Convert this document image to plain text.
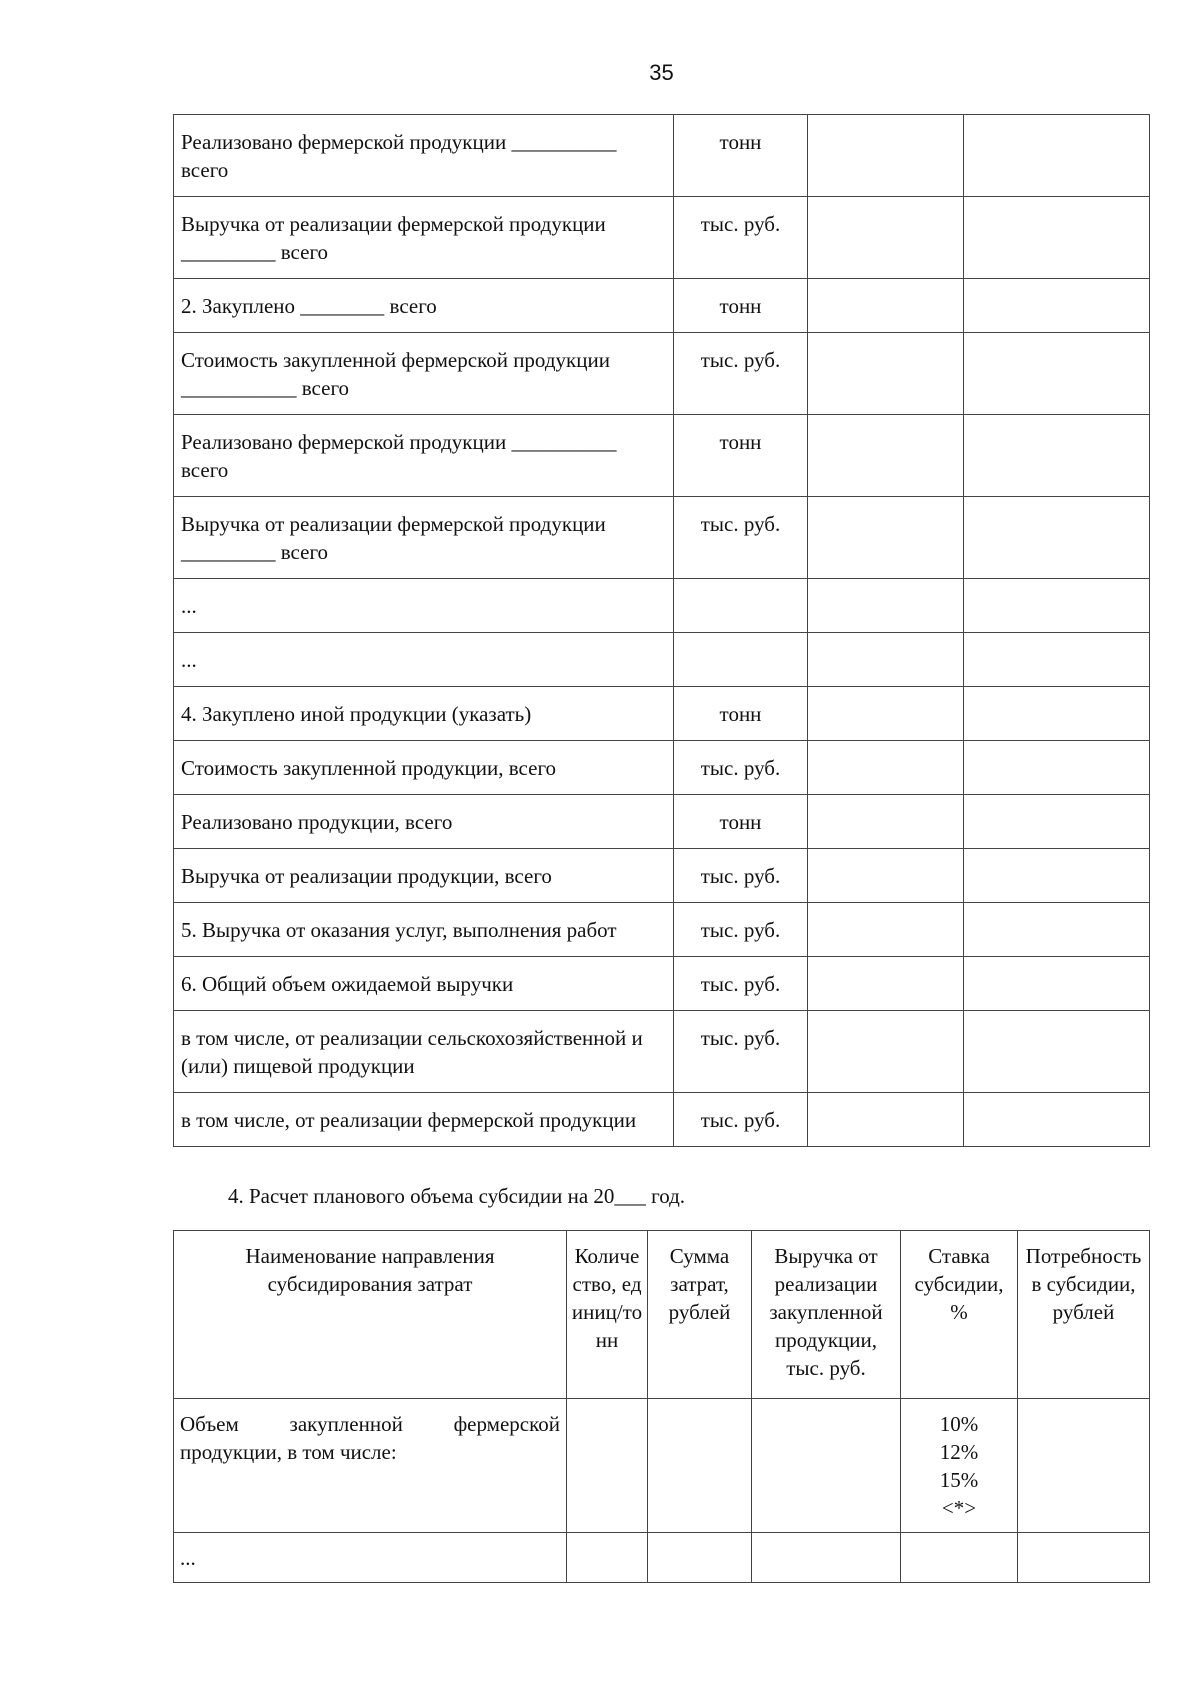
35
Реализовано фермерской продукции __________ всего	тонн		
Выручка от реализации фермерской продукции _________ всего	тыс. руб.		
2. Закуплено ________ всего	тонн		
Стоимость закупленной фермерской продукции ___________ всего	тыс. руб.		
Реализовано фермерской продукции __________ всего	тонн		
Выручка от реализации фермерской продукции _________ всего	тыс. руб.		
...			
...			
4. Закуплено иной продукции (указать)	тонн		
Стоимость закупленной продукции, всего	тыс. руб.		
Реализовано продукции, всего	тонн		
Выручка от реализации продукции, всего	тыс. руб.		
5. Выручка от оказания услуг, выполнения работ	тыс. руб.		
6. Общий объем ожидаемой выручки	тыс. руб.		
в том числе, от реализации сельскохозяйственной и (или) пищевой продукции	тыс. руб.		
в том числе, от реализации фермерской продукции	тыс. руб.		

4. Расчет планового объема субсидии на 20___ год.

Наименование направления субсидирования затрат	Количество, единиц/тонн	Сумма затрат, рублей	Выручка от реализации закупленной продукции, тыс. руб.	Ставка субсидии, %	Потребность в субсидии, рублей
Объем закупленной фермерской продукции, в том числе:				10%
12%
15%
<*>	

...					
